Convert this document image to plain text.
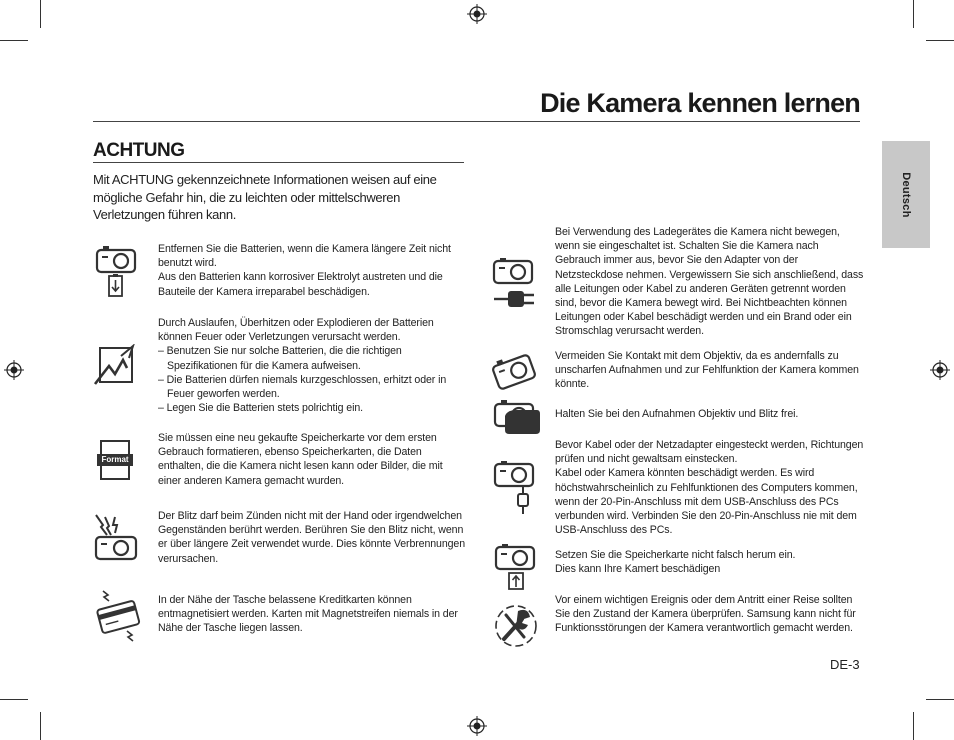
Die Kamera kennen lernen
Deutsch
ACHTUNG
Mit ACHTUNG gekennzeichnete Informationen weisen auf eine mögliche Gefahr hin, die zu leichten oder mittelschweren Verletzungen führen kann.
Format

Entfernen Sie die Batterien, wenn die Kamera längere Zeit nicht benutzt wird.

Aus den Batterien kann korrosiver Elektrolyt austreten und die Bauteile der Kamera irreparabel beschädigen.

Durch Auslaufen, Überhitzen oder Explodieren der Batterien können Feuer oder Verletzungen verursacht werden.

– Benutzen Sie nur solche Batterien, die die richtigen Spezifikationen für die Kamera aufweisen.

– Die Batterien dürfen niemals kurzgeschlossen, erhitzt oder in Feuer geworfen werden.

– Legen Sie die Batterien stets polrichtig ein.

Sie müssen eine neu gekaufte Speicherkarte vor dem ersten Gebrauch formatieren, ebenso Speicherkarten, die Daten enthalten, die die Kamera nicht lesen kann oder Bilder, die mit einer anderen Kamera gemacht wurden.

Der Blitz darf beim Zünden nicht mit der Hand oder irgendwelchen Gegenständen berührt werden. Berühren Sie den Blitz nicht, wenn er über längere Zeit verwendet wurde. Dies könnte Verbrennungen verursachen.

In der Nähe der Tasche belassene Kreditkarten können entmagnetisiert werden. Karten mit Magnetstreifen niemals in der Nähe der Tasche liegen lassen.

Bei Verwendung des Ladegerätes die Kamera nicht bewegen, wenn sie eingeschaltet ist. Schalten Sie die Kamera nach Gebrauch immer aus, bevor Sie den Adapter von der Netzsteckdose nehmen. Vergewissern Sie sich anschließend, dass alle Leitungen oder Kabel zu anderen Geräten getrennt worden sind, bevor die Kamera bewegt wird. Bei Nichtbeachten können Leitungen oder Kabel beschädigt werden und ein Brand oder ein Stromschlag verursacht werden.

Vermeiden Sie Kontakt mit dem Objektiv, da es andernfalls zu unscharfen Aufnahmen und zur Fehlfunktion der Kamera kommen könnte.

Halten Sie bei den Aufnahmen Objektiv und Blitz frei.

Bevor Kabel oder der Netzadapter eingesteckt werden, Richtungen prüfen und nicht gewaltsam einstecken.

Kabel oder Kamera könnten beschädigt werden. Es wird höchstwahrscheinlich zu Fehlfunktionen des Computers kommen, wenn der 20-Pin-Anschluss mit dem USB-Anschluss des PCs verbunden wird. Verbinden Sie den 20-Pin-Anschluss nie mit dem USB-Anschluss des PCs.

Setzen Sie die Speicherkarte nicht falsch herum ein.

Dies kann Ihre Kamert beschädigen

Vor einem wichtigen Ereignis oder dem Antritt einer Reise sollten Sie den Zustand der Kamera überprüfen. Samsung kann nicht für Funktionsstörungen der Kamera verantwortlich gemacht werden.

DE-3
